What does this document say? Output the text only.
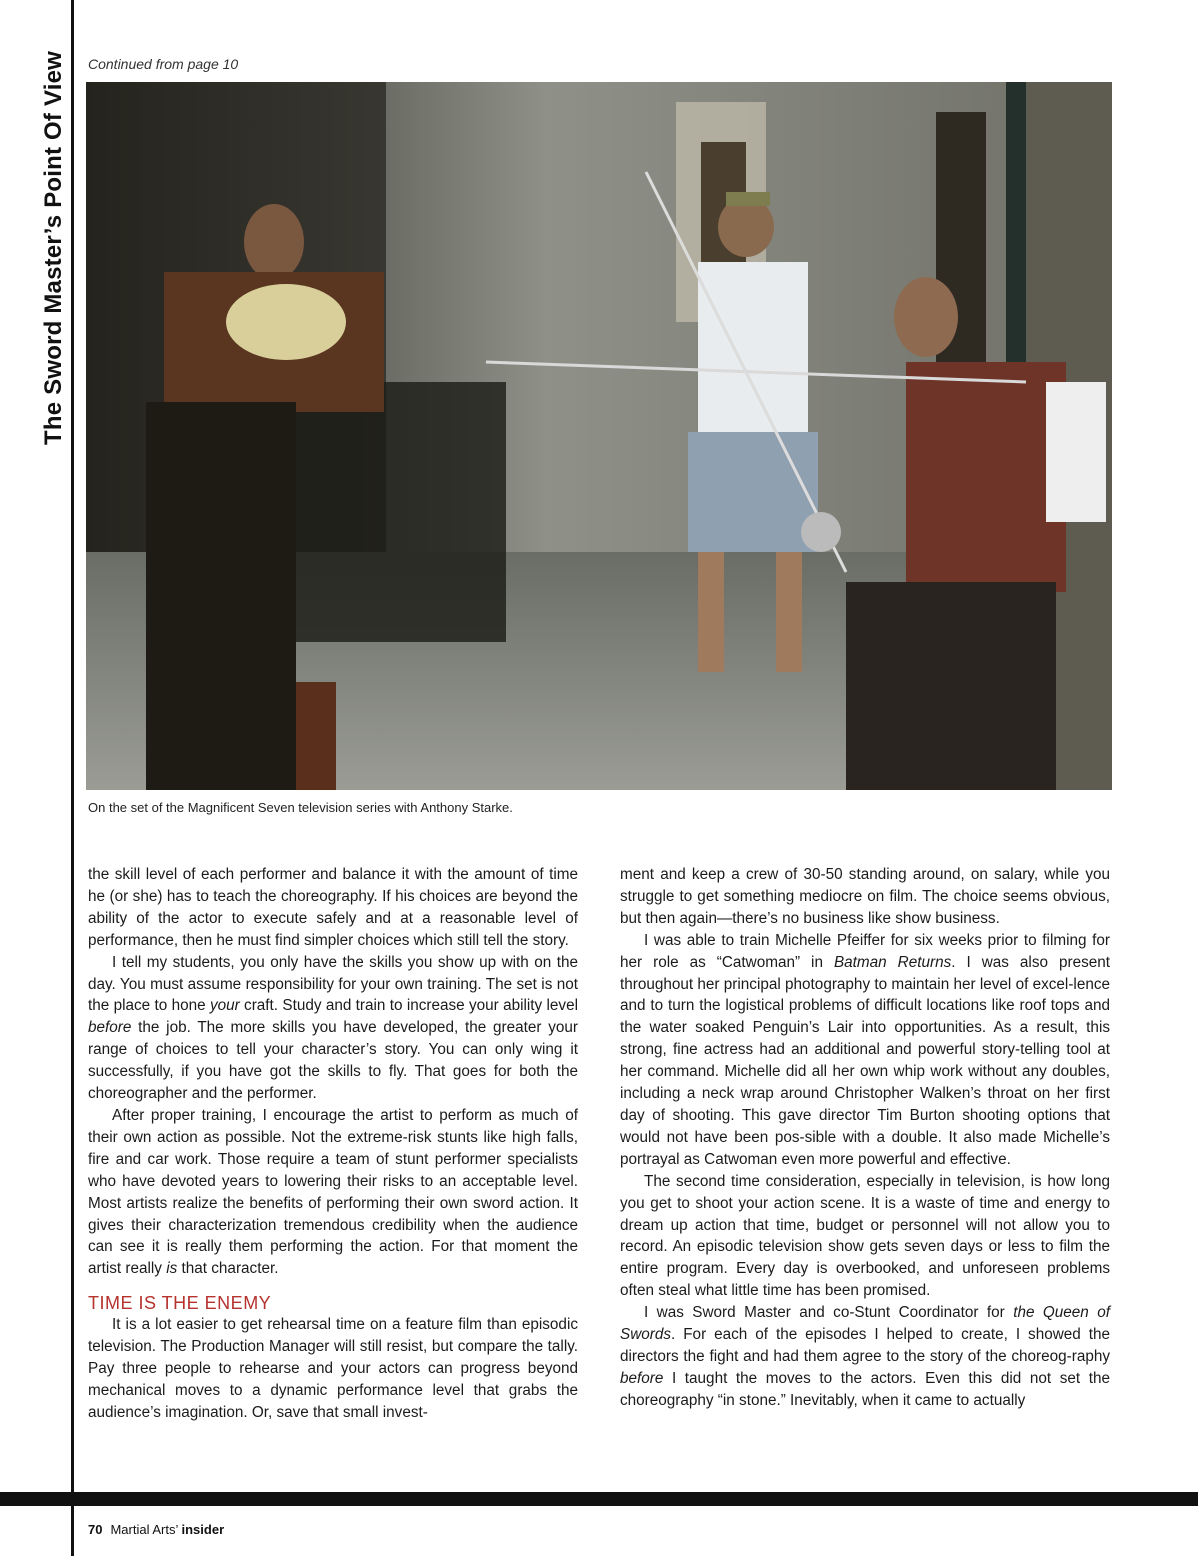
The Sword Master’s Point Of View Continued from page 10
On the set of the Magnificent Seven television series with Anthony Starke.

the skill level of each performer and balance it with the amount of time he (or she) has to teach the choreography. If his choices are beyond the ability of the actor to execute safely and at a reasonable level of performance, then he must find simpler choices which still tell the story.

I tell my students, you only have the skills you show up with on the day. You must assume responsibility for your own training. The set is not the place to hone your craft. Study and train to increase your ability level before the job. The more skills you have developed, the greater your range of choices to tell your character’s story. You can only wing it successfully, if you have got the skills to fly. That goes for both the choreographer and the performer.

After proper training, I encourage the artist to perform as much of their own action as possible. Not the extreme-risk stunts like high falls, fire and car work. Those require a team of stunt performer specialists who have devoted years to lowering their risks to an acceptable level. Most artists realize the benefits of performing their own sword action. It gives their characterization tremendous credibility when the audience can see it is really them performing the action. For that moment the artist really is that character.

TIME IS THE ENEMY

It is a lot easier to get rehearsal time on a feature film than episodic television. The Production Manager will still resist, but compare the tally. Pay three people to rehearse and your actors can progress beyond mechanical moves to a dynamic performance level that grabs the audience’s imagination. Or, save that small invest-

ment and keep a crew of 30-50 standing around, on salary, while you struggle to get something mediocre on film. The choice seems obvious, but then again—there’s no business like show business.

I was able to train Michelle Pfeiffer for six weeks prior to filming for her role as “Catwoman” in Batman Returns. I was also present throughout her principal photography to maintain her level of excel-lence and to turn the logistical problems of difficult locations like roof tops and the water soaked Penguin’s Lair into opportunities. As a result, this strong, fine actress had an additional and powerful story-telling tool at her command. Michelle did all her own whip work without any doubles, including a neck wrap around Christopher Walken’s throat on her first day of shooting. This gave director Tim Burton shooting options that would not have been pos-sible with a double. It also made Michelle’s portrayal as Catwoman even more powerful and effective.

The second time consideration, especially in television, is how long you get to shoot your action scene. It is a waste of time and energy to dream up action that time, budget or personnel will not allow you to record. An episodic television show gets seven days or less to film the entire program. Every day is overbooked, and unforeseen problems often steal what little time has been promised.

I was Sword Master and co-Stunt Coordinator for the Queen of Swords. For each of the episodes I helped to create, I showed the directors the fight and had them agree to the story of the choreog-raphy before I taught the moves to the actors. Even this did not set the choreography “in stone.” Inevitably, when it came to actually

70 Martial Arts’ insider
